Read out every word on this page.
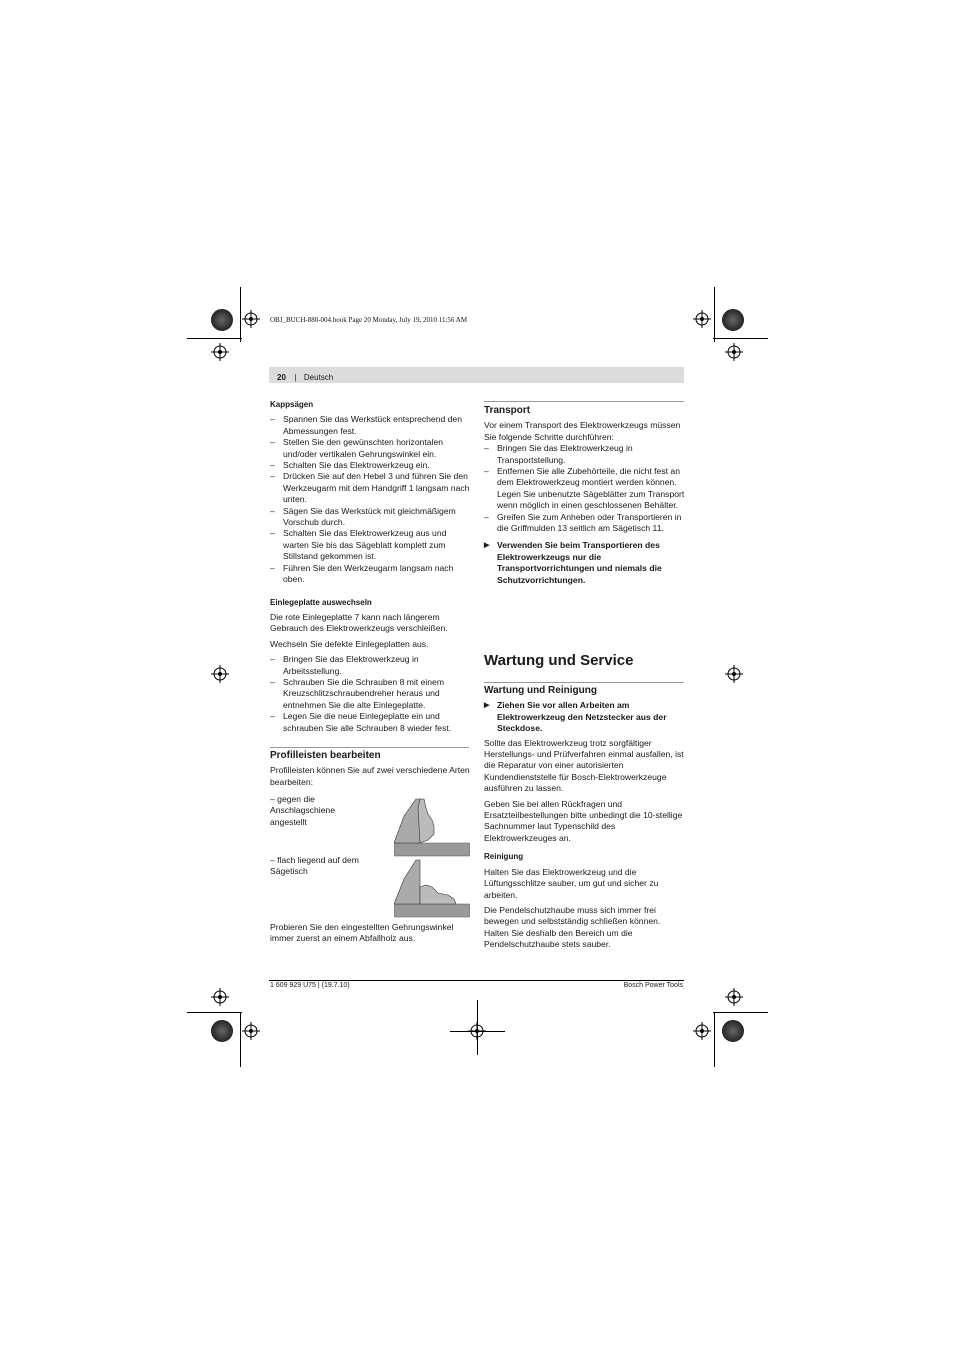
OBJ_BUCH-880-004.book Page 20 Monday, July 19, 2010 11:56 AM
20 | Deutsch

Kappsägen

– Spannen Sie das Werkstück entsprechend den Abmessungen fest.
– Stellen Sie den gewünschten horizontalen und/oder vertikalen Gehrungswinkel ein.
– Schalten Sie das Elektrowerkzeug ein.
– Drücken Sie auf den Hebel 3 und führen Sie den Werkzeugarm mit dem Handgriff 1 langsam nach unten.
– Sägen Sie das Werkstück mit gleichmäßigem Vorschub durch.
– Schalten Sie das Elektrowerkzeug aus und warten Sie bis das Sägeblatt komplett zum Stillstand gekommen ist.
– Führen Sie den Werkzeugarm langsam nach oben.

Einlegeplatte auswechseln

Die rote Einlegeplatte 7 kann nach längerem Gebrauch des Elektrowerkzeugs verschleißen.

Wechseln Sie defekte Einlegeplatten aus.

– Bringen Sie das Elektrowerkzeug in Arbeitsstellung.
– Schrauben Sie die Schrauben 8 mit einem Kreuzschlitzschraubendreher heraus und entnehmen Sie die alte Einlegeplatte.
– Legen Sie die neue Einlegeplatte ein und schrauben Sie alle Schrauben 8 wieder fest.

Profilleisten bearbeiten

Profilleisten können Sie auf zwei verschiedene Arten bearbeiten:

– gegen die Anschlagschiene angestellt
– flach liegend auf dem Sägetisch
Probieren Sie den eingestellten Gehrungswinkel immer zuerst an einem Abfallholz aus.

Transport

Vor einem Transport des Elektrowerkzeugs müssen Sie folgende Schritte durchführen:

– Bringen Sie das Elektrowerkzeug in Transportstellung.
– Entfernen Sie alle Zubehörteile, die nicht fest an dem Elektrowerkzeug montiert werden können.
Legen Sie unbenutzte Sägeblätter zum Transport wenn möglich in einen geschlossenen Behälter.
– Greifen Sie zum Anheben oder Transportieren in die Griffmulden 13 seitlich am Sägetisch 11.

▶ Verwenden Sie beim Transportieren des Elektrowerkzeugs nur die Transportvorrichtungen und niemals die Schutzvorrichtungen.

Wartung und Service

Wartung und Reinigung

▶ Ziehen Sie vor allen Arbeiten am Elektrowerkzeug den Netzstecker aus der Steckdose.

Sollte das Elektrowerkzeug trotz sorgfältiger Herstellungs- und Prüfverfahren einmal ausfallen, ist die Reparatur von einer autorisierten Kundendienststelle für Bosch-Elektrowerkzeuge ausführen zu lassen.

Geben Sie bei allen Rückfragen und Ersatzteilbestellungen bitte unbedingt die 10-stellige Sachnummer laut Typenschild des Elektrowerkzeuges an.

Reinigung

Halten Sie das Elektrowerkzeug und die Lüftungsschlitze sauber, um gut und sicher zu arbeiten.

Die Pendelschutzhaube muss sich immer frei bewegen und selbstständig schließen können. Halten Sie deshalb den Bereich um die Pendelschutzhaube stets sauber.

1 609 929 U75 | (19.7.10)	Bosch Power Tools
